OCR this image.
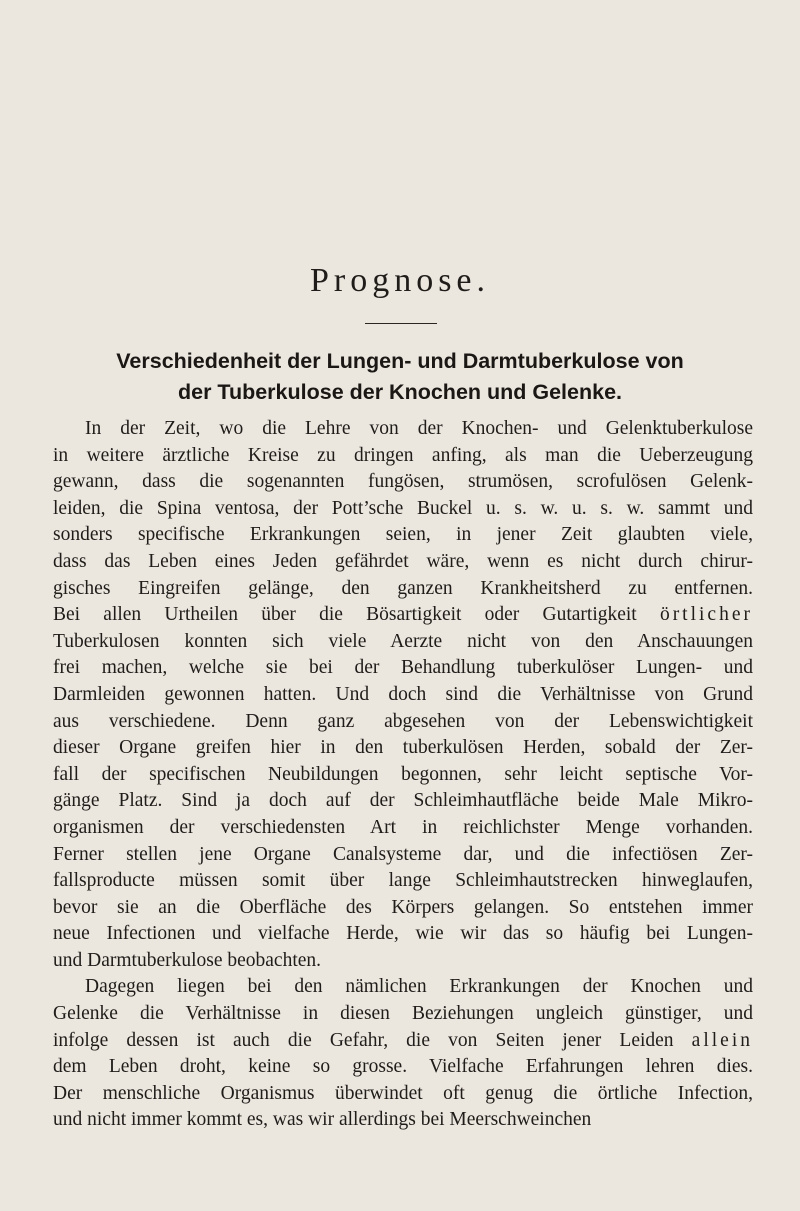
Prognose.
Verschiedenheit der Lungen- und Darmtuberkulose von
der Tuberkulose der Knochen und Gelenke.
In der Zeit, wo die Lehre von der Knochen- und Gelenktuberkulose
in weitere ärztliche Kreise zu dringen anfing, als man die Ueberzeugung
gewann, dass die sogenannten fungösen, strumösen, scrofulösen Gelenk-
leiden, die Spina ventosa, der Pott’sche Buckel u. s. w. u. s. w. sammt und
sonders specifische Erkrankungen seien, in jener Zeit glaubten viele,
dass das Leben eines Jeden gefährdet wäre, wenn es nicht durch chirur-
gisches Eingreifen gelänge, den ganzen Krankheitsherd zu entfernen.
Bei allen Urtheilen über die Bösartigkeit oder Gutartigkeit örtlicher
Tuberkulosen konnten sich viele Aerzte nicht von den Anschauungen
frei machen, welche sie bei der Behandlung tuberkulöser Lungen- und
Darmleiden gewonnen hatten. Und doch sind die Verhältnisse von Grund
aus verschiedene. Denn ganz abgesehen von der Lebenswichtigkeit
dieser Organe greifen hier in den tuberkulösen Herden, sobald der Zer-
fall der specifischen Neubildungen begonnen, sehr leicht septische Vor-
gänge Platz. Sind ja doch auf der Schleimhautfläche beide Male Mikro-
organismen der verschiedensten Art in reichlichster Menge vorhanden.
Ferner stellen jene Organe Canalsysteme dar, und die infectiösen Zer-
fallsproducte müssen somit über lange Schleimhautstrecken hinweglaufen,
bevor sie an die Oberfläche des Körpers gelangen. So entstehen immer
neue Infectionen und vielfache Herde, wie wir das so häufig bei Lungen-
und Darmtuberkulose beobachten.
Dagegen liegen bei den nämlichen Erkrankungen der Knochen und
Gelenke die Verhältnisse in diesen Beziehungen ungleich günstiger, und
infolge dessen ist auch die Gefahr, die von Seiten jener Leiden allein
dem Leben droht, keine so grosse. Vielfache Erfahrungen lehren dies.
Der menschliche Organismus überwindet oft genug die örtliche Infection,
und nicht immer kommt es, was wir allerdings bei Meerschweinchen
